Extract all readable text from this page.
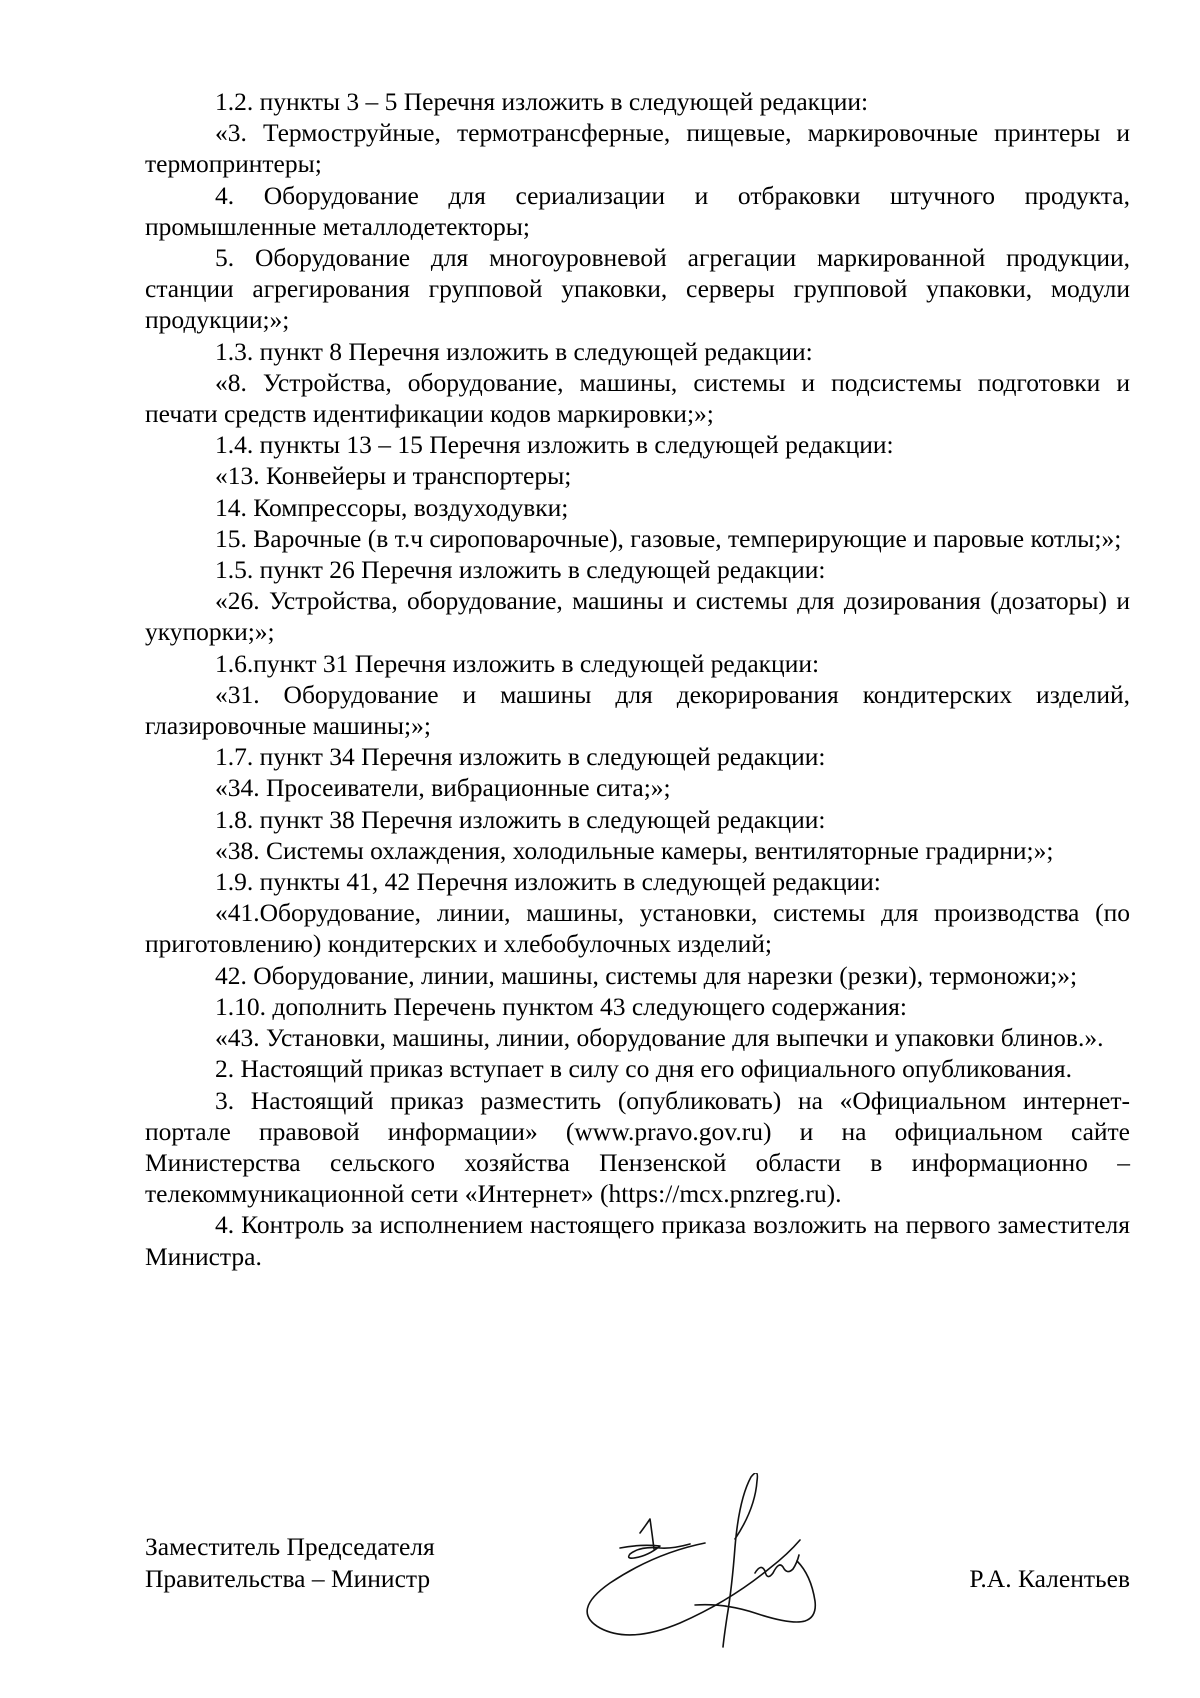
1.2. пункты 3 – 5 Перечня изложить в следующей редакции:

«3. Термоструйные, термотрансферные, пищевые, маркировочные принтеры и термопринтеры;

4. Оборудование для сериализации и отбраковки штучного продукта, промышленные металлодетекторы;

5. Оборудование для многоуровневой агрегации маркированной продукции, станции агрегирования групповой упаковки, серверы групповой упаковки, модули продукции;»;

1.3. пункт 8 Перечня изложить в следующей редакции:

«8. Устройства, оборудование, машины, системы и подсистемы подготовки и печати средств идентификации кодов маркировки;»;

1.4. пункты 13 – 15 Перечня изложить в следующей редакции:

«13. Конвейеры и транспортеры;

14. Компрессоры, воздуходувки;

15. Варочные (в т.ч сироповарочные), газовые, темперирующие и паровые котлы;»;

1.5. пункт 26 Перечня изложить в следующей редакции:

«26. Устройства, оборудование, машины и системы для дозирования (дозаторы) и укупорки;»;

1.6.пункт 31 Перечня изложить в следующей редакции:

«31. Оборудование и машины для декорирования кондитерских изделий, глазировочные машины;»;

1.7. пункт 34 Перечня изложить в следующей редакции:

«34. Просеиватели, вибрационные сита;»;

1.8. пункт 38 Перечня изложить в следующей редакции:

«38. Системы охлаждения, холодильные камеры, вентиляторные градирни;»;

1.9. пункты 41, 42 Перечня изложить в следующей редакции:

«41.Оборудование, линии, машины, установки, системы для производства (по приготовлению) кондитерских и хлебобулочных изделий;

42. Оборудование, линии, машины, системы для нарезки (резки), термоножи;»;

1.10. дополнить Перечень пунктом 43 следующего содержания:

«43. Установки, машины, линии, оборудование для выпечки и упаковки блинов.».

2. Настоящий приказ вступает в силу со дня его официального опубликования.

3. Настоящий приказ разместить (опубликовать) на «Официальном интернет-портале правовой информации» (www.pravo.gov.ru) и на официальном сайте Министерства сельского хозяйства Пензенской области в информационно – телекоммуникационной сети «Интернет» (https://mcx.pnzreg.ru).

4. Контроль за исполнением настоящего приказа возложить на первого заместителя Министра.

Заместитель Председателя
Правительства – Министр	Р.А. Калентьев
